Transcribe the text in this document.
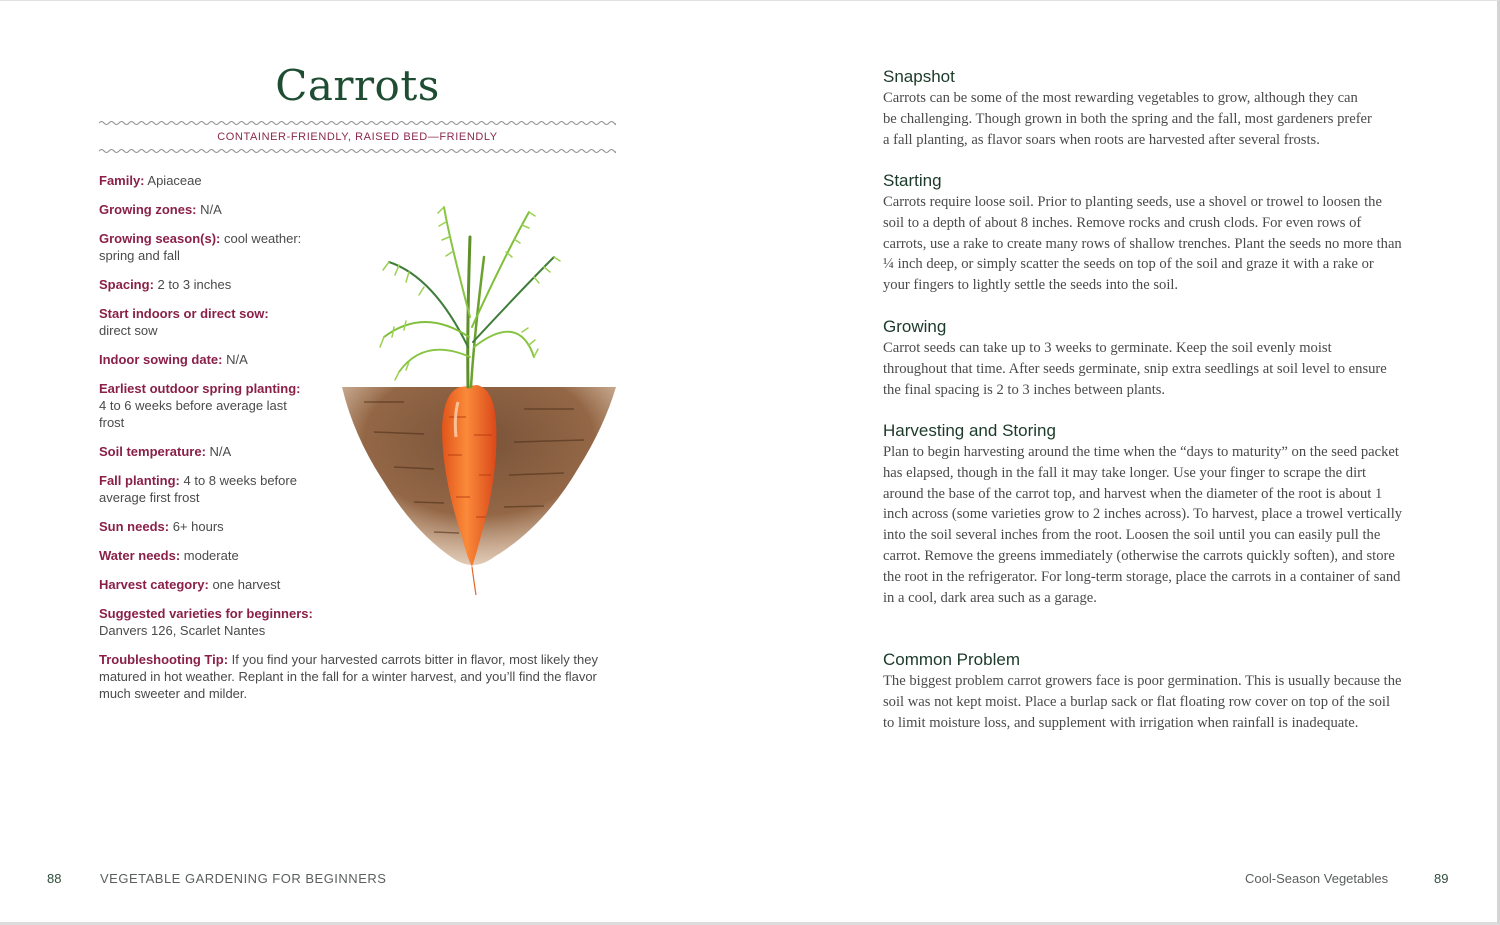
Carrots
CONTAINER-FRIENDLY, RAISED BED—FRIENDLY
Family: Apiaceae
Growing zones: N/A
Growing season(s): cool weather: spring and fall
Spacing: 2 to 3 inches
Start indoors or direct sow: direct sow
Indoor sowing date: N/A
Earliest outdoor spring planting:
4 to 6 weeks before average last frost
Soil temperature: N/A
Fall planting: 4 to 8 weeks before average first frost
Sun needs: 6+ hours
Water needs: moderate
Harvest category: one harvest
Suggested varieties for beginners:
Danvers 126, Scarlet Nantes
Troubleshooting Tip: If you find your harvested carrots bitter in flavor, most likely they matured in hot weather. Replant in the fall for a winter harvest, and you’ll find the flavor much sweeter and milder.
88	VEGETABLE GARDENING FOR BEGINNERS
Snapshot

Carrots can be some of the most rewarding vegetables to grow, although they can be challenging. Though grown in both the spring and the fall, most gardeners prefer a fall planting, as flavor soars when roots are harvested after several frosts.

Starting

Carrots require loose soil. Prior to planting seeds, use a shovel or trowel to loosen the soil to a depth of about 8 inches. Remove rocks and crush clods. For even rows of carrots, use a rake to create many rows of shallow trenches. Plant the seeds no more than ¼ inch deep, or simply scatter the seeds on top of the soil and graze it with a rake or your fingers to lightly settle the seeds into the soil.

Growing

Carrot seeds can take up to 3 weeks to germinate. Keep the soil evenly moist throughout that time. After seeds germinate, snip extra seedlings at soil level to ensure the final spacing is 2 to 3 inches between plants.

Harvesting and Storing

Plan to begin harvesting around the time when the “days to maturity” on the seed packet has elapsed, though in the fall it may take longer. Use your finger to scrape the dirt around the base of the carrot top, and harvest when the diameter of the root is about 1 inch across (some varieties grow to 2 inches across). To harvest, place a trowel vertically into the soil several inches from the root. Loosen the soil until you can easily pull the carrot. Remove the greens immediately (otherwise the carrots quickly soften), and store the root in the refrigerator. For long-term storage, place the carrots in a container of sand in a cool, dark area such as a garage.

Common Problem

The biggest problem carrot growers face is poor germination. This is usually because the soil was not kept moist. Place a burlap sack or flat floating row cover on top of the soil to limit moisture loss, and supplement with irrigation when rainfall is inadequate.

Cool-Season Vegetables	89
